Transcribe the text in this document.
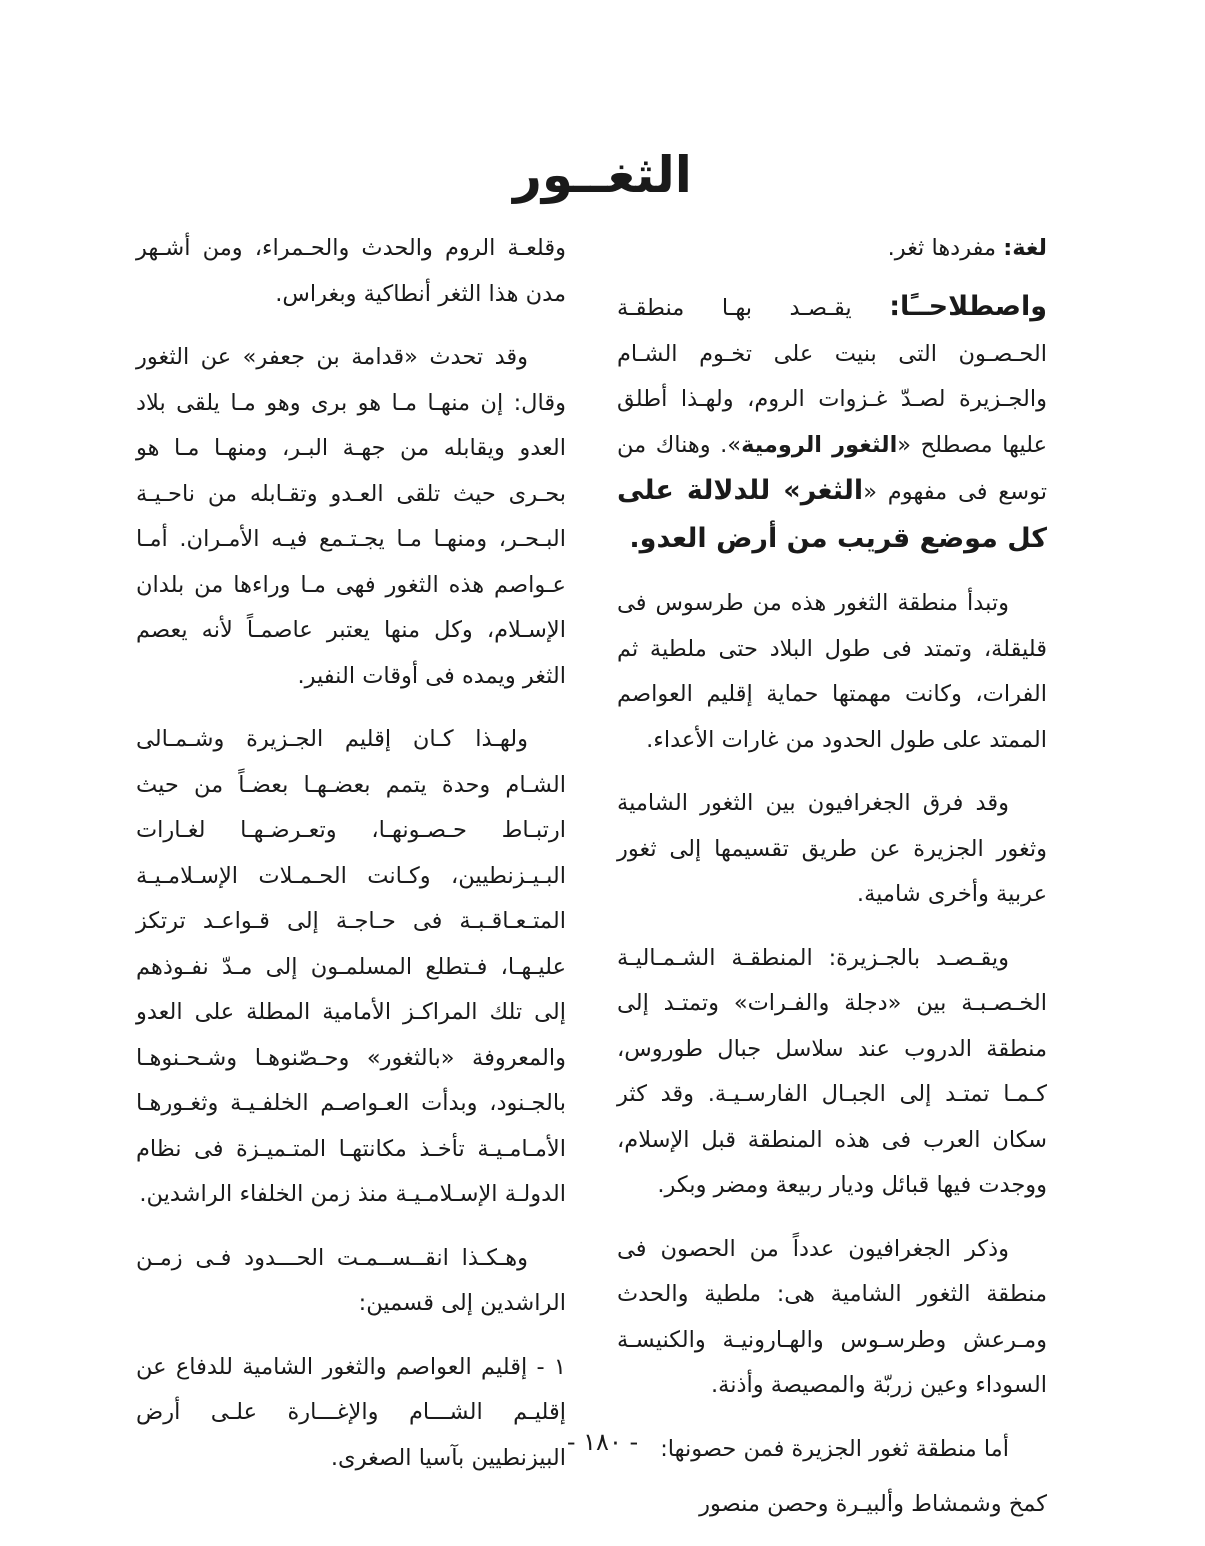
الثغــور

لغة: مفردها ثغر.

واصطلاحــًا: يقـصـد بهـا منطقـة الحـصـون التى بنيت على تخـوم الشـام والجـزيرة لصـدّ غـزوات الروم، ولهـذا أطلق عليها مصطلح «الثغور الرومية». وهناك من توسع فى مفهوم «الثغر» للدلالة على كل موضع قريب من أرض العدو.

وتبدأ منطقة الثغور هذه من طرسوس فى قليقلة، وتمتد فى طول البلاد حتى ملطية ثم الفرات، وكانت مهمتها حماية إقليم العواصم الممتد على طول الحدود من غارات الأعداء.

وقد فرق الجغرافيون بين الثغور الشامية وثغور الجزيرة عن طريق تقسيمها إلى ثغور عربية وأخرى شامية.

ويقـصـد بالجـزيرة: المنطقـة الشـمـاليـة الخـصـبـة بين «دجلة والفـرات» وتمتـد إلى منطقة الدروب عند سلاسل جبال طوروس، كـمـا تمتـد إلى الجبـال الفارسـيـة. وقد كثر سكان العرب فى هذه المنطقة قبل الإسلام، ووجدت فيها قبائل وديار ربيعة ومضر وبكر.

وذكر الجغرافيون عدداً من الحصون فى منطقة الثغور الشامية هى: ملطية والحدث ومـرعش وطرسـوس والهـارونيـة والكنيسـة السوداء وعين زربّة والمصيصة وأذنة.

أما منطقة ثغور الجزيرة فمن حصونها:

كمخ وشمشاط وألبيـرة وحصن منصور

وقلعـة الروم والحدث والحـمراء، ومن أشـهر مدن هذا الثغر أنطاكية وبغراس.

وقد تحدث «قدامة بن جعفر» عن الثغور وقال: إن منهـا مـا هو برى وهو مـا يلقى بلاد العدو ويقابله من جهـة البـر، ومنهـا مـا هو بحـرى حيث تلقى العـدو وتقـابله من ناحـيـة البـحـر، ومنهـا مـا يجـتـمع فيـه الأمـران. أمـا عـواصم هذه الثغور فهى مـا وراءها من بلدان الإسـلام، وكل منها يعتبر عاصمـاً لأنه يعصم الثغر ويمده فى أوقات النفير.

ولهـذا كـان إقليم الجـزيرة وشـمـالى الشـام وحدة يتمم بعضـهـا بعضـاً من حيث ارتبـاط حـصـونهـا، وتعـرضـهـا لغـارات البـيـزنطيين، وكـانت الحـمـلات الإسـلامـيـة المتـعـاقـبـة فى حـاجـة إلى قـواعـد ترتكز عليـهـا، فـتطلع المسلمـون إلى مـدّ نفـوذهم إلى تلك المراكـز الأمامية المطلة على العدو والمعروفة «بالثغور» وحـصّنوهـا وشـحـنوهـا بالجـنود، وبدأت العـواصـم الخلفـيـة وثغـورهـا الأمـامـيـة تأخـذ مكانتهـا المتـميـزة فى نظام الدولـة الإسـلامـيـة منذ زمن الخلفاء الراشدين.

وهـكـذا انقــســمـت الحـــدود فـى زمـن الراشدين إلى قسمين:

١ - إقليم العواصم والثغور الشامية للدفاع عن إقليـم الشـــام والإغـــارة علـى أرض البيزنطيين بآسيا الصغرى.

- ١٨٠ -
